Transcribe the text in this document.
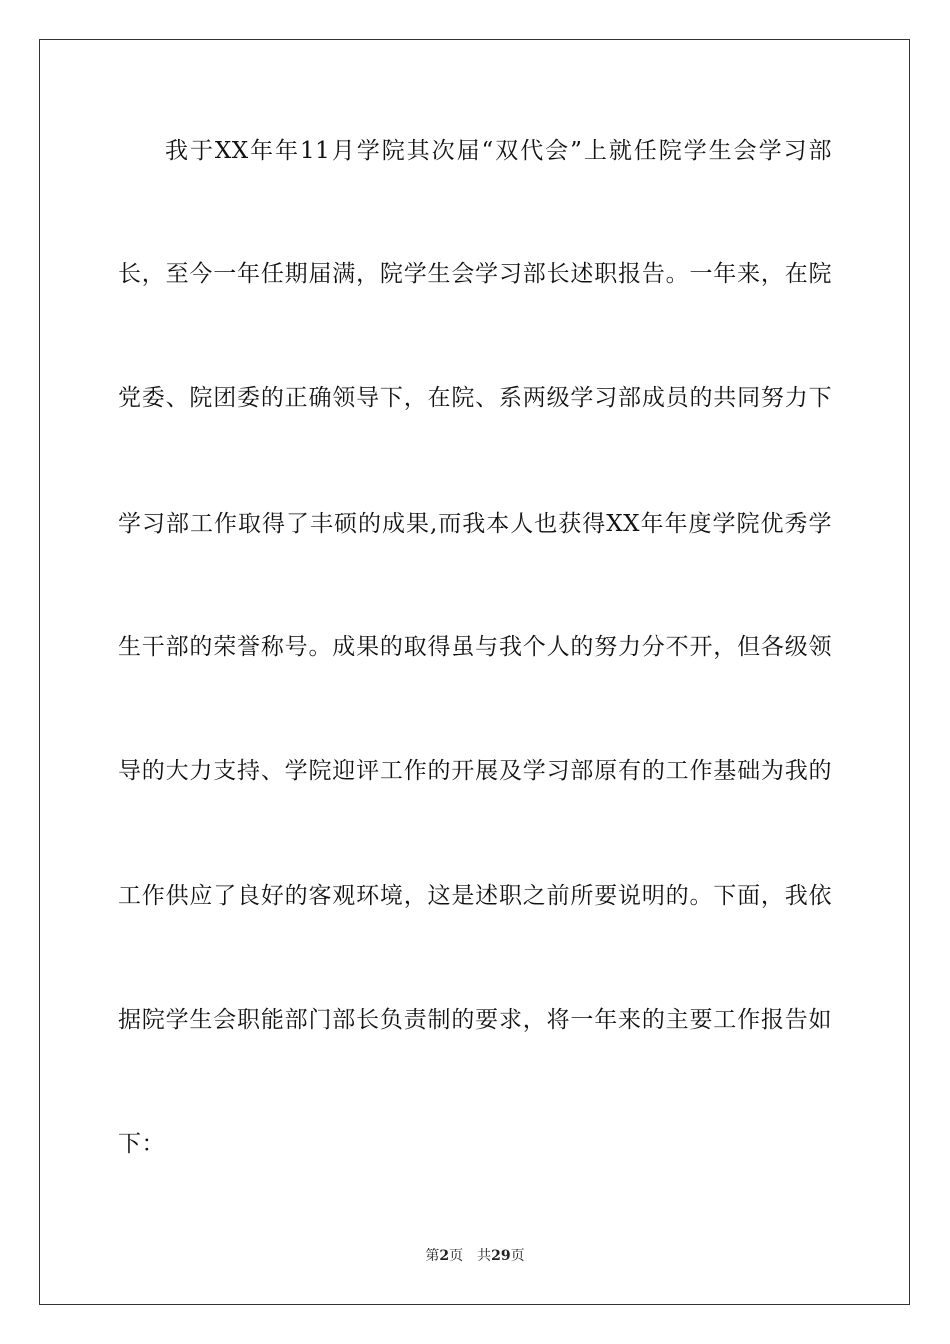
我于XX年年11月学院其次届“双代会”上就任院学生会学习部
长，至今一年任期届满，院学生会学习部长述职报告。一年来，在院
党委、院团委的正确领导下，在院、系两级学习部成员的共同努力下
学习部工作取得了丰硕的成果,而我本人也获得XX年年度学院优秀学
生干部的荣誉称号。成果的取得虽与我个人的努力分不开，但各级领
导的大力支持、学院迎评工作的开展及学习部原有的工作基础为我的
工作供应了良好的客观环境，这是述职之前所要说明的。下面，我依
据院学生会职能部门部长负责制的要求，将一年来的主要工作报告如
下：
第2页 共29页
